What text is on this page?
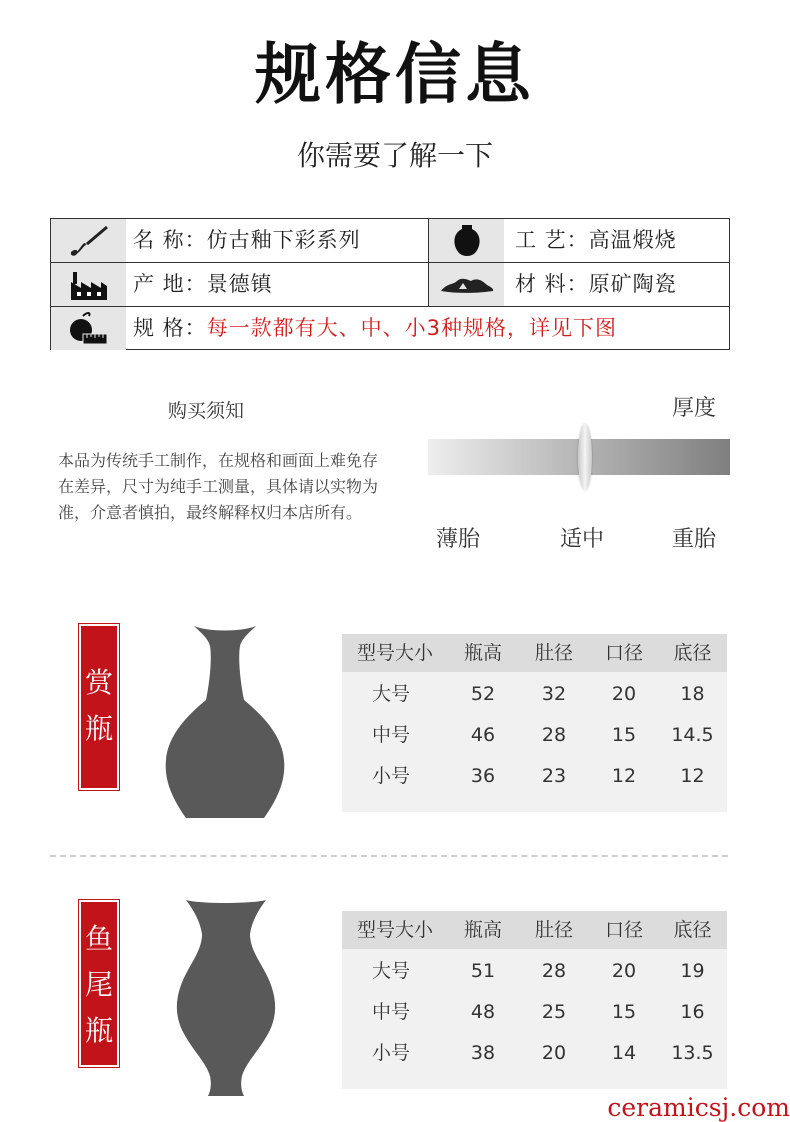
规格信息
你需要了解一下
名 称：仿古釉下彩系列	工 艺：高温煅烧
产 地：景德镇	材 料：原矿陶瓷
规 格：每一款都有大、中、小3种规格，详见下图
购买须知
本品为传统手工制作，在规格和画面上难免存在差异，尺寸为纯手工测量，具体请以实物为准，介意者慎拍，最终解释权归本店所有。
厚度
薄胎	适中	重胎
赏
瓶
型号大小	瓶高	肚径	口径	底径
大号	52	32	20	18
中号	46	28	15	14.5
小号	36	23	12	12
鱼
尾
瓶
型号大小	瓶高	肚径	口径	底径
大号	51	28	20	19
中号	48	25	15	16
小号	38	20	14	13.5
ceramicsj.com
